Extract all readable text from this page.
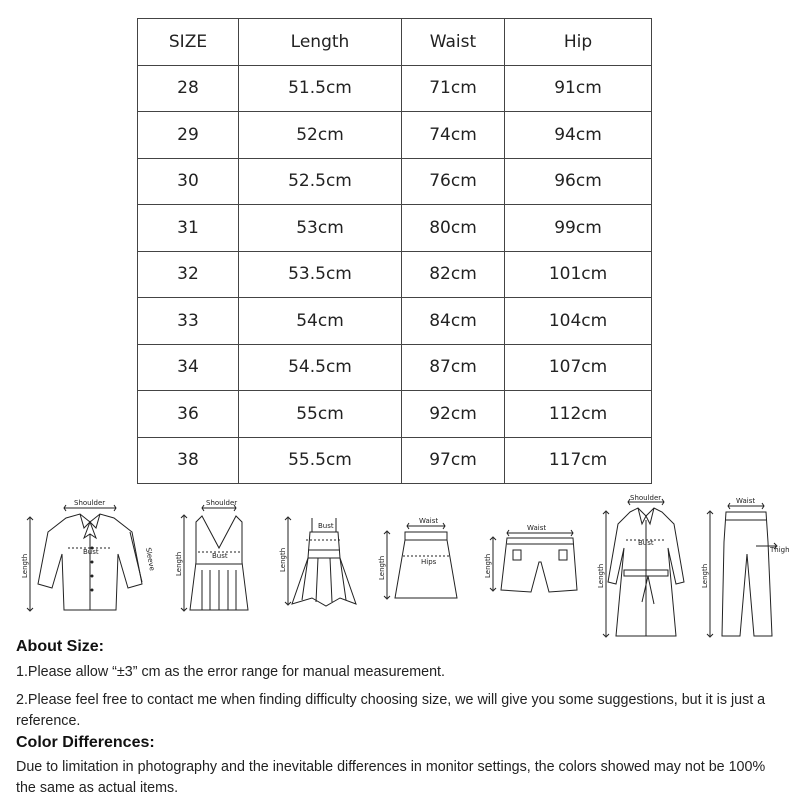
SIZE	Length	Waist	Hip
28	51.5cm	71cm	91cm
29	52cm	74cm	94cm
30	52.5cm	76cm	96cm
31	53cm	80cm	99cm
32	53.5cm	82cm	101cm
33	54cm	84cm	104cm
34	54.5cm	87cm	107cm
36	55cm	92cm	112cm
38	55.5cm	97cm	117cm
Shoulder
Bust
Length	Sleeve
Shoulder
Bust
Length
Bust
Length
Waist
Hips
Length
Waist
Length
Shoulder
Bust
Length
Waist
Thigh
Length

About Size:

1.Please allow “±3” cm as the error range for manual measurement.

2.Please feel free to contact me when finding difficulty choosing size, we will give you some suggestions, but it is just a reference.

Color Differences:

Due to limitation in photography and the inevitable differences in monitor settings, the colors showed may not be 100% the same as actual items.
